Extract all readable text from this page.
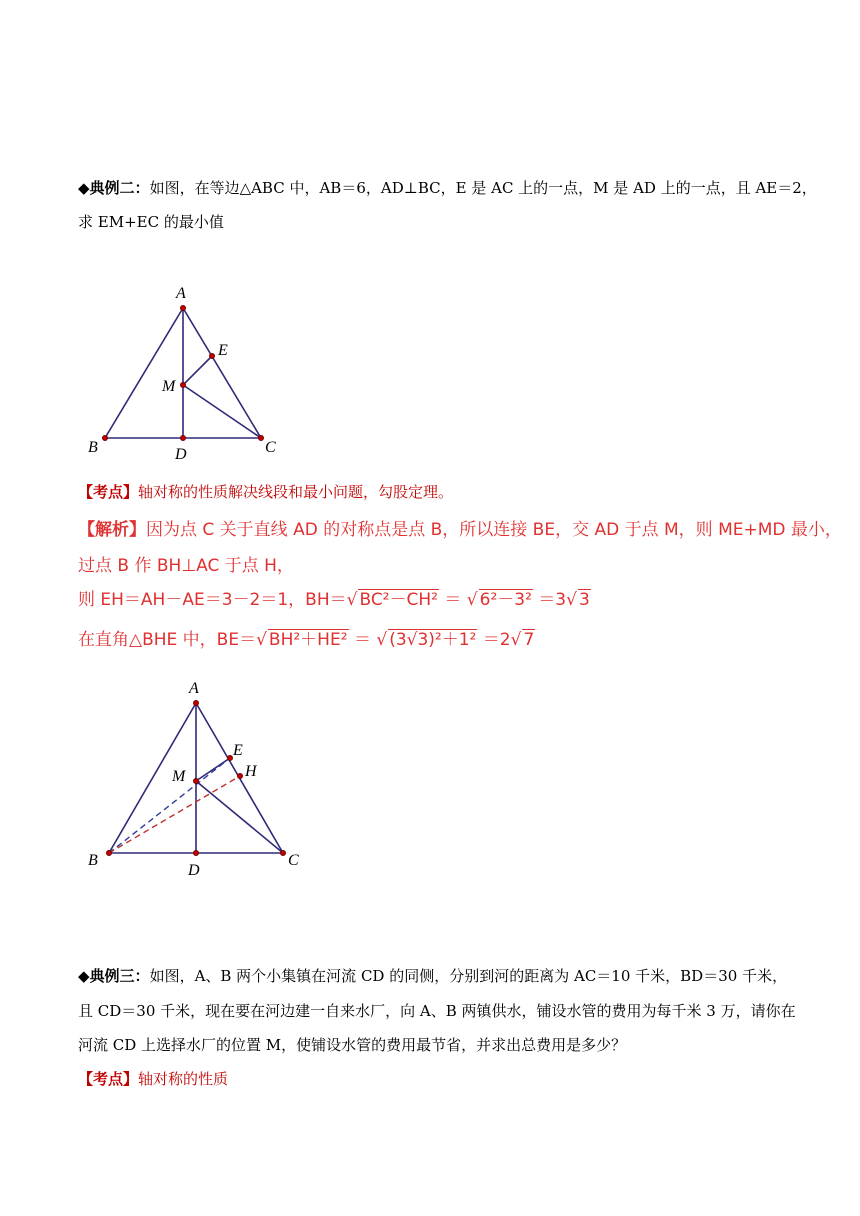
◆典例二：如图，在等边△ABC 中，AB＝6，AD⊥BC，E 是 AC 上的一点，M 是 AD 上的一点，且 AE＝2，
求 EM+EC 的最小值
A
B	C
D
E
M
【考点】轴对称的性质解决线段和最小问题，勾股定理。
【解析】因为点 C 关于直线 AD 的对称点是点 B，所以连接 BE，交 AD 于点 M，则 ME+MD 最小，
过点 B 作 BH⊥AC 于点 H，
则 EH＝AH－AE＝3－2＝1，BH＝√ BC²－CH² ＝ √ 6²－3² ＝3√ 3
在直角△BHE 中，BE＝√ BH²＋HE² ＝ √ (3√3)²＋1² ＝2√ 7
A
B	C
D
E
H
M
◆典例三：如图，A、B 两个小集镇在河流 CD 的同侧，分别到河的距离为 AC＝10 千米，BD＝30 千米，
且 CD＝30 千米，现在要在河边建一自来水厂，向 A、B 两镇供水，铺设水管的费用为每千米 3 万，请你在
河流 CD 上选择水厂的位置 M，使铺设水管的费用最节省，并求出总费用是多少？
【考点】轴对称的性质
